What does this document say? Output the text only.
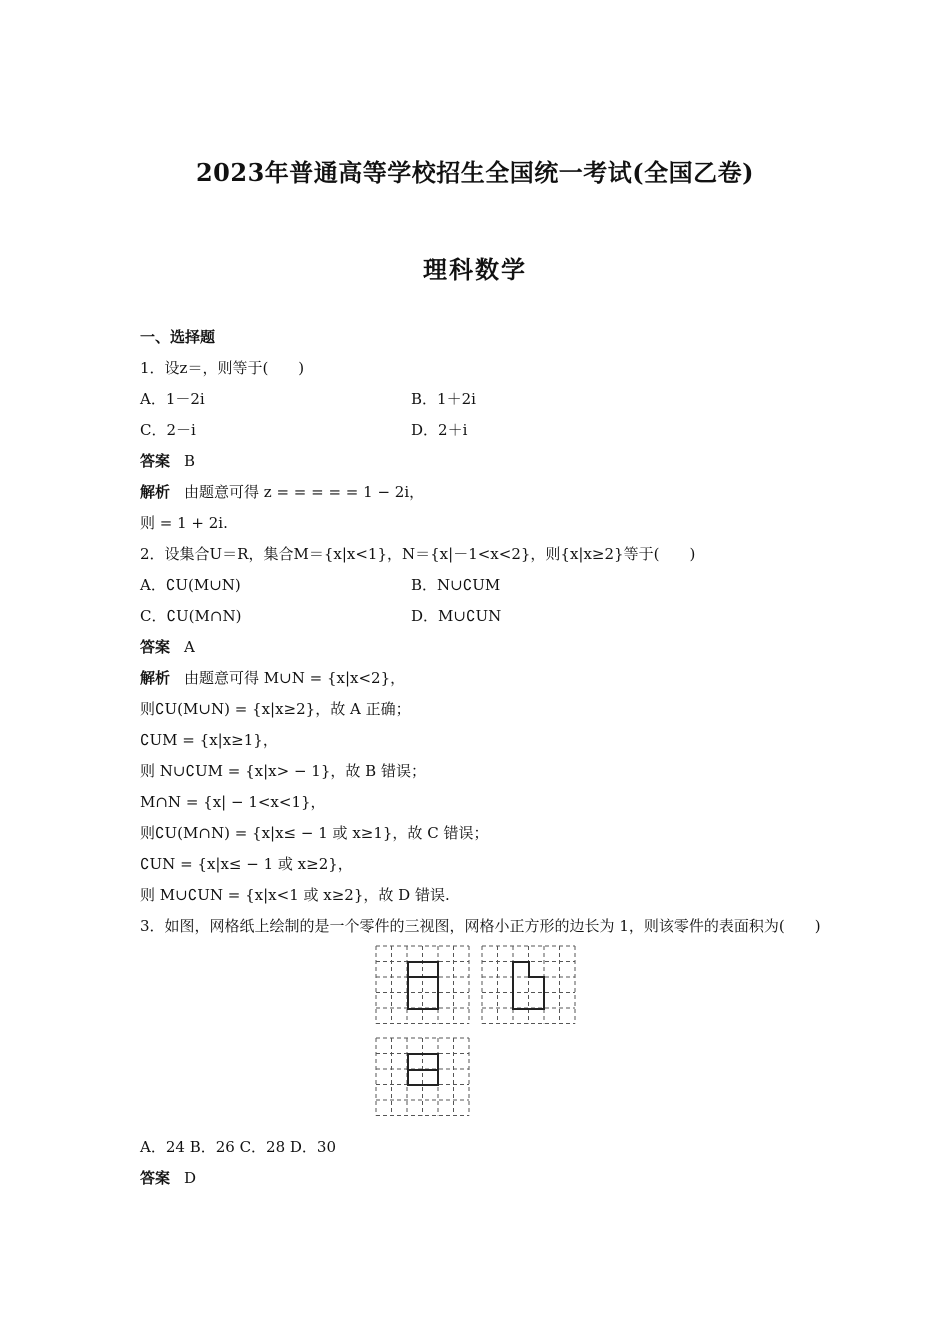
2023年普通高等学校招生全国统一考试(全国乙卷)
理科数学
一、选择题
1．设z＝，则等于(　　)
A．1－2i	B．1＋2i
C．2－i	D．2＋i
答案 B
解析 由题意可得 z = = = = = 1 − 2i，
则 = 1 + 2i.
2．设集合U＝R，集合M＝{x|x<1}，N＝{x|－1<x<2}，则{x|x≥2}等于(　　)
A．∁U(M∪N)	B．N∪∁UM
C．∁U(M∩N)	D．M∪∁UN
答案 A
解析 由题意可得 M∪N = {x|x<2}，
则∁U(M∪N) = {x|x≥2}，故 A 正确；
∁UM = {x|x≥1}，
则 N∪∁UM = {x|x> − 1}，故 B 错误；
M∩N = {x| − 1<x<1}，
则∁U(M∩N) = {x|x≤ − 1 或 x≥1}，故 C 错误；
∁UN = {x|x≤ − 1 或 x≥2}，
则 M∪∁UN = {x|x<1 或 x≥2}，故 D 错误.
3．如图，网格纸上绘制的是一个零件的三视图，网格小正方形的边长为 1，则该零件的表面积为(　　)
A．24 B．26 C．28 D．30
答案 D
